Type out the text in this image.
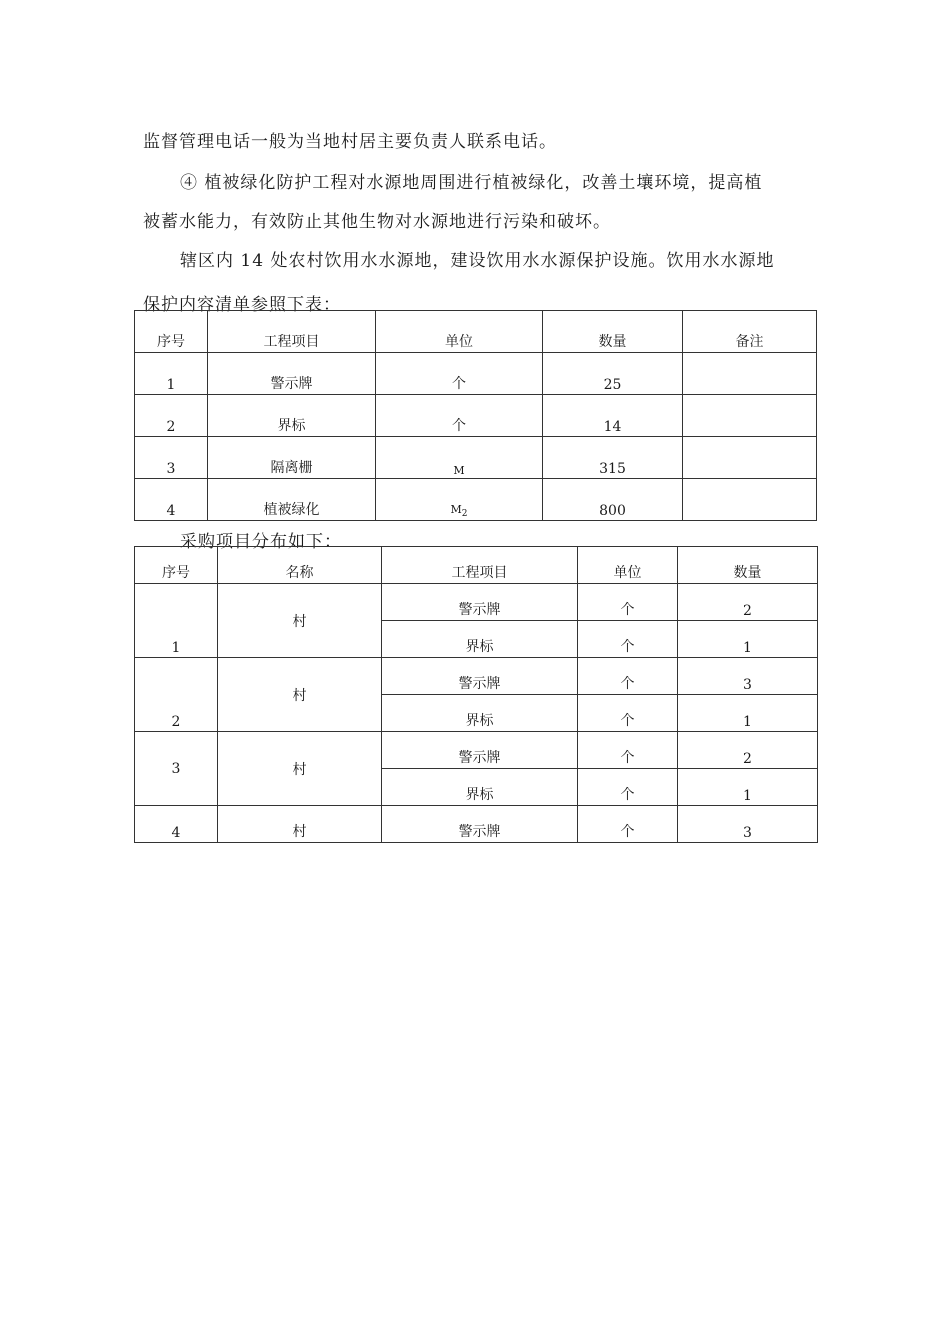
监督管理电话一般为当地村居主要负责人联系电话。
④ 植被绿化防护工程对水源地周围进行植被绿化，改善土壤环境，提高植
被蓄水能力，有效防止其他生物对水源地进行污染和破坏。
辖区内 14 处农村饮用水水源地，建设饮用水水源保护设施。饮用水水源地
保护内容清单参照下表：
序号	工程项目	单位	数量	备注
1	警示牌	个	25	
2	界标	个	14	
3	隔离栅	M	315	
4	植被绿化	$M_2$	800	
采购项目分布如下：
序号	名称	工程项目	单位	数量
1	村	警示牌	个	2
		界标	个	1
2	村	警示牌	个	3
		界标	个	1
3	村	警示牌	个	2
		界标	个	1
4	村	警示牌	个	3
